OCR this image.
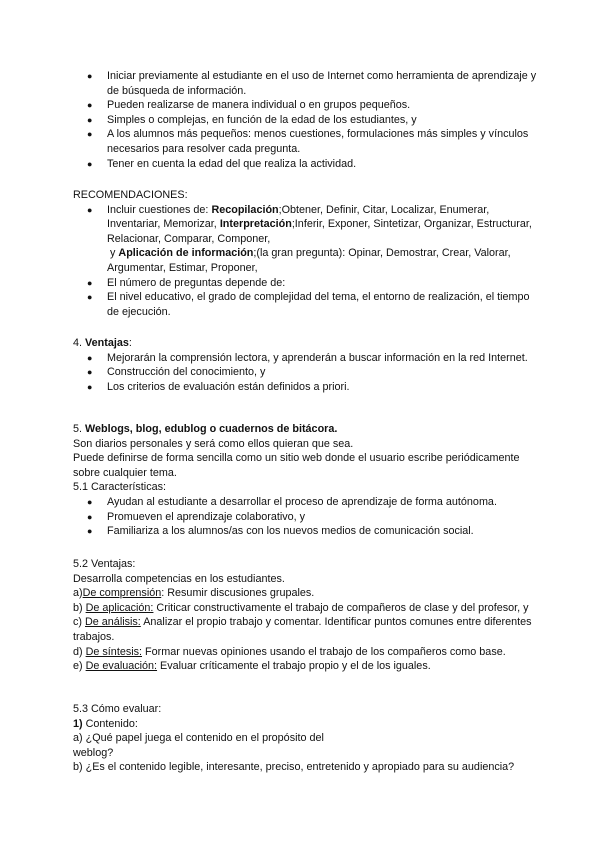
● Iniciar previamente al estudiante en el uso de Internet como herramienta de aprendizaje y de búsqueda de información.
● Pueden realizarse de manera individual o en grupos pequeños.
● Simples o complejas, en función de la edad de los estudiantes, y
● A los alumnos más pequeños: menos cuestiones, formulaciones más simples y vínculos necesarios para resolver cada pregunta.
● Tener en cuenta la edad del que realiza la actividad.

RECOMENDACIONES:

● Incluir cuestiones de: Recopilación;Obtener, Definir, Citar, Localizar, Enumerar, Inventariar, Memorizar, Interpretación;Inferir, Exponer, Sintetizar, Organizar, Estructurar, Relacionar, Comparar, Componer,
y Aplicación de información;(la gran pregunta): Opinar, Demostrar, Crear, Valorar, Argumentar, Estimar, Proponer,
● El número de preguntas depende de:
● El nivel educativo, el grado de complejidad del tema, el entorno de realización, el tiempo de ejecución.

4. Ventajas:

● Mejorarán la comprensión lectora, y aprenderán a buscar información en la red Internet.
● Construcción del conocimiento, y
● Los criterios de evaluación están definidos a priori.

5. Weblogs, blog, edublog o cuadernos de bitácora.

Son diarios personales y será como ellos quieran que sea.

Puede definirse de forma sencilla como un sitio web donde el usuario escribe periódicamente sobre cualquier tema.

5.1 Características:

● Ayudan al estudiante a desarrollar el proceso de aprendizaje de forma autónoma.
● Promueven el aprendizaje colaborativo, y
● Familiariza a los alumnos/as con los nuevos medios de comunicación social.

5.2 Ventajas:

Desarrolla competencias en los estudiantes.

a)De comprensión: Resumir discusiones grupales.

b) De aplicación: Criticar constructivamente el trabajo de compañeros de clase y del profesor, y

c) De análisis: Analizar el propio trabajo y comentar. Identificar puntos comunes entre diferentes trabajos.

d) De síntesis: Formar nuevas opiniones usando el trabajo de los compañeros como base.

e) De evaluación: Evaluar críticamente el trabajo propio y el de los iguales.

5.3 Cómo evaluar:

1) Contenido:

a) ¿Qué papel juega el contenido en el propósito del
weblog?

b) ¿Es el contenido legible, interesante, preciso, entretenido y apropiado para su audiencia?
